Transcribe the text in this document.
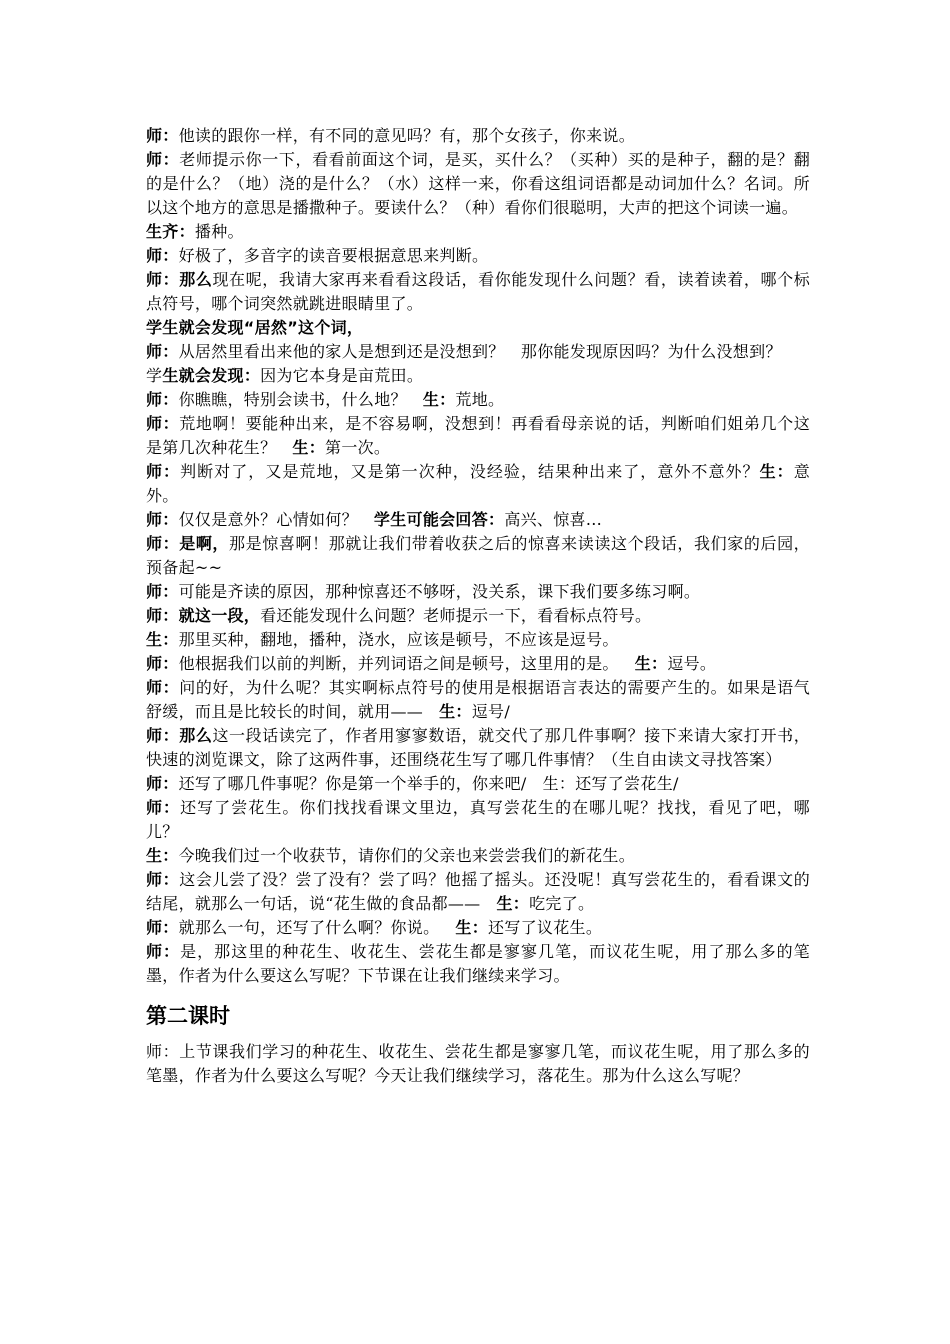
师：他读的跟你一样，有不同的意见吗？有，那个女孩子，你来说。

师：老师提示你一下，看看前面这个词，是买，买什么？（买种）买的是种子，翻的是？翻的是什么？（地）浇的是什么？（水）这样一来，你看这组词语都是动词加什么？名词。所以这个地方的意思是播撒种子。要读什么？（种）看你们很聪明，大声的把这个词读一遍。

生齐：播种。

师：好极了，多音字的读音要根据意思来判断。

师：那么现在呢，我请大家再来看看这段话，看你能发现什么问题？看，读着读着，哪个标点符号，哪个词突然就跳进眼睛里了。

学生就会发现“居然”这个词，

师：从居然里看出来他的家人是想到还是没想到？　那你能发现原因吗？为什么没想到？

学生就会发现：因为它本身是亩荒田。

师：你瞧瞧，特别会读书，什么地？ 生：荒地。

师：荒地啊！要能种出来，是不容易啊，没想到！再看看母亲说的话，判断咱们姐弟几个这是第几次种花生？ 生：第一次。

师：判断对了，又是荒地，又是第一次种，没经验，结果种出来了，意外不意外？生：意外。

师：仅仅是意外？心情如何？ 学生可能会回答：高兴、惊喜...

师：是啊，那是惊喜啊！那就让我们带着收获之后的惊喜来读读这个段话，我们家的后园，预备起~~

师：可能是齐读的原因，那种惊喜还不够呀，没关系，课下我们要多练习啊。

师：就这一段，看还能发现什么问题？老师提示一下，看看标点符号。

生：那里买种，翻地，播种，浇水，应该是顿号，不应该是逗号。

师：他根据我们以前的判断，并列词语之间是顿号，这里用的是。 生：逗号。

师：问的好，为什么呢？其实啊标点符号的使用是根据语言表达的需要产生的。如果是语气舒缓，而且是比较长的时间，就用—— 生：逗号/

师：那么这一段话读完了，作者用寥寥数语，就交代了那几件事啊？接下来请大家打开书，快速的浏览课文，除了这两件事，还围绕花生写了哪几件事情？（生自由读文寻找答案）

师：还写了哪几件事呢？你是第一个举手的，你来吧/ 生：还写了尝花生/

师：还写了尝花生。你们找找看课文里边，真写尝花生的在哪儿呢？找找，看见了吧，哪儿？

生：今晚我们过一个收获节，请你们的父亲也来尝尝我们的新花生。

师：这会儿尝了没？尝了没有？尝了吗？他摇了摇头。还没呢！真写尝花生的，看看课文的结尾，就那么一句话，说“花生做的食品都—— 生：吃完了。

师：就那么一句，还写了什么啊？你说。 生：还写了议花生。

师：是，那这里的种花生、收花生、尝花生都是寥寥几笔，而议花生呢，用了那么多的笔墨，作者为什么要这么写呢？下节课在让我们继续来学习。

第二课时

师：上节课我们学习的种花生、收花生、尝花生都是寥寥几笔，而议花生呢，用了那么多的笔墨，作者为什么要这么写呢？今天让我们继续学习，落花生。那为什么这么写呢？
